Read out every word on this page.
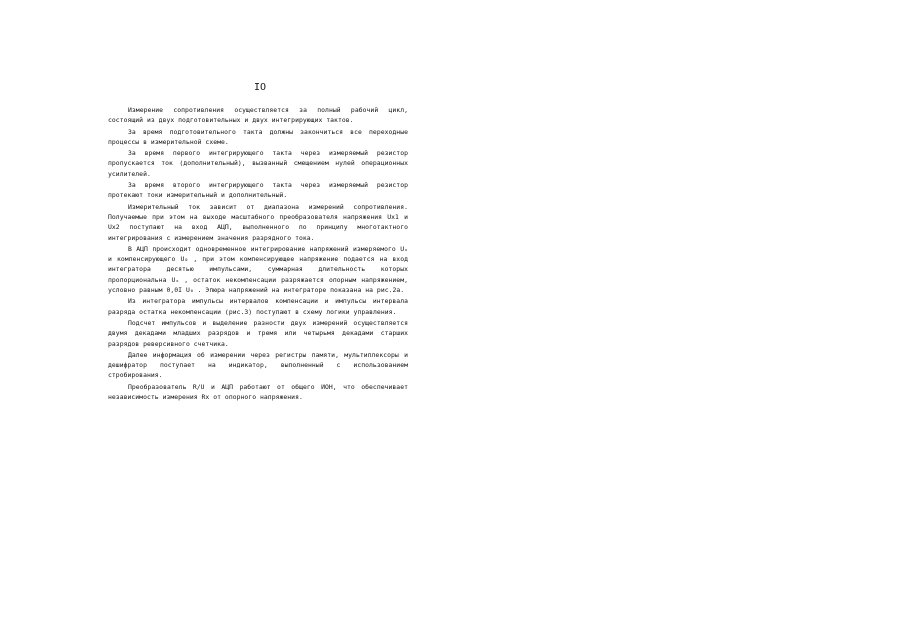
IO

Измерение сопротивления осуществляется за полный рабочий цикл, состоящий из двух подготовительных и двух интегрирующих тактов.

За время подготовительного такта должны закончиться все переходные процессы в измерительной схеме.

За время первого интегрирующего такта через измеряемый резистор пропускается ток (дополнительный), вызванный смещением нулей операционных усилителей.

За время второго интегрирующего такта через измеряемый резистор протекают токи измерительный и дополнительный.

Измерительный ток зависит от диапазона измерений сопротивления. Получаемые при этом на выходе масштабного преобразователя напряжения Uх1 и Uх2 поступают на вход АЦП, выполненного по принципу многотактного интегрирования с измерением значения разрядного тока.

В АЦП происходит одновременное интегрирование напряжений измеряемого Uₓ и компенсирующего U₀ , при этом компенсирующее напряжение подается на вход интегратора десятью импульсами, суммарная длительность которых пропорциональна Uₓ , остаток некомпенсации разряжается опорным напряжением, условно равным 0,0I U₀ . Эпюра напряжений на интеграторе показана на рис.2а.

Из интегратора импульсы интервалов компенсации и импульсы интервала разряда остатка некомпенсации (рис.3) поступают в схему логики управления.

Подсчет импульсов и выделение разности двух измерений осуществляется двумя декадами младших разрядов и тремя или четырьмя декадами старших разрядов реверсивного счетчика.

Далее информация об измерении через регистры памяти, мультиплексоры и дешифратор поступает на индикатор, выполненный с использованием стробирования.

Преобразователь R/U и АЦП работают от общего ИОН, что обеспечивает независимость измерения Rх от опорного напряжения.
